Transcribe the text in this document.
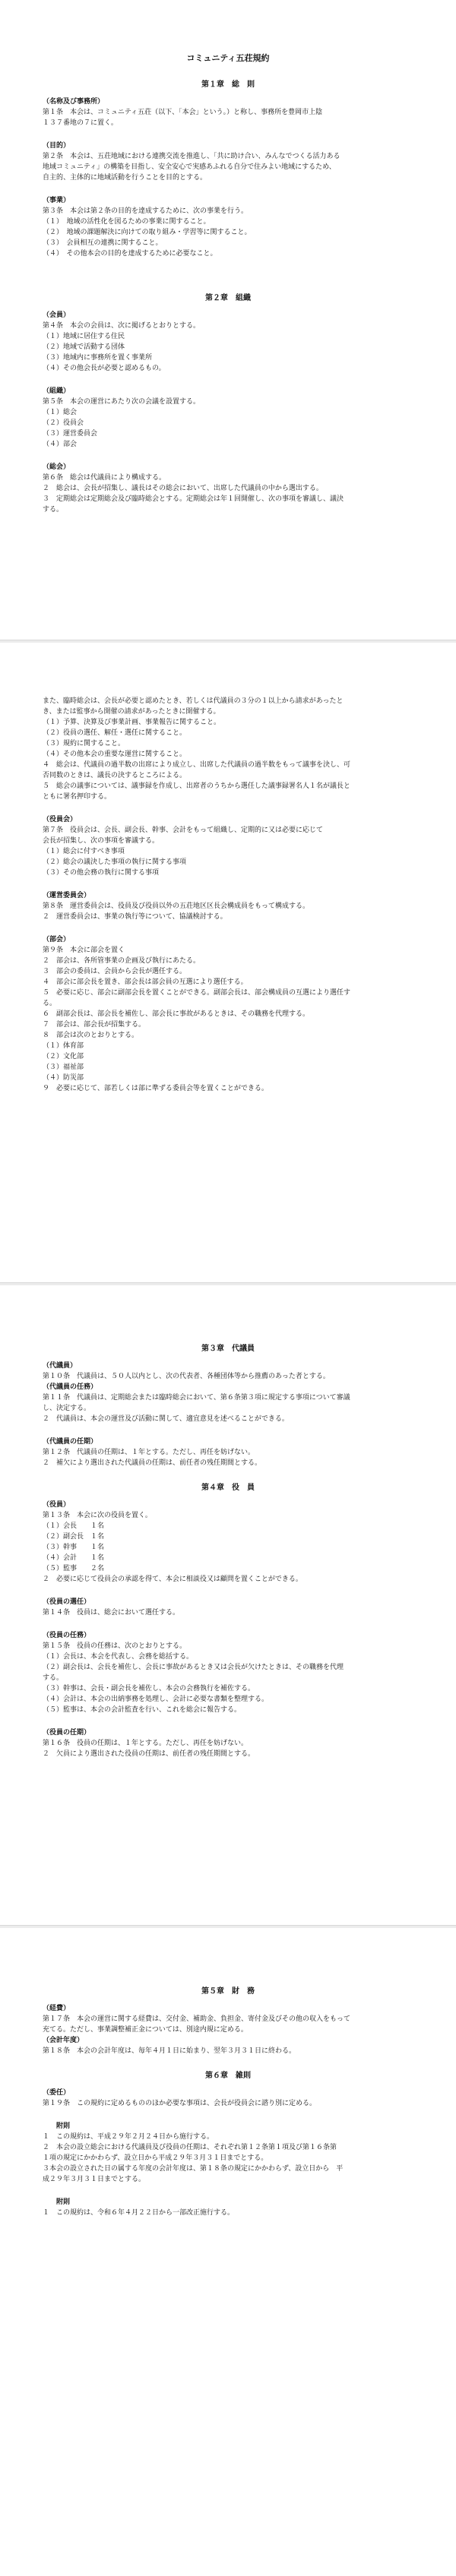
コミュニティ五荘規約

第１章　総　則

（名称及び事務所）

第１条　本会は、コミュニティ五荘（以下、「本会」という。）と称し、事務所を豊岡市上陰

１３７番地の７に置く。

（目的）

第２条　本会は、五荘地域における連携交流を推進し、「共に助け合い、みんなでつくる活力ある

地域コミュニティ」の構築を目指し、安全安心で実感あふれる自分で住みよい地域にするため、

自主的、主体的に地域活動を行うことを目的とする。

（事業）

第３条　本会は第２条の目的を達成するために、次の事業を行う。

（１）　地域の活性化を図るための事業に関すること。

（２）　地域の課題解決に向けての取り組み・学習等に関すること。

（３）　会員相互の連携に関すること。

（４）　その他本会の目的を達成するために必要なこと。

第２章　組織

（会員）

第４条　本会の会員は、次に掲げるとおりとする。

（１）地域に居住する住民

（２）地域で活動する団体

（３）地域内に事務所を置く事業所

（４）その他会長が必要と認めるもの。

（組織）

第５条　本会の運営にあたり次の会議を設置する。

（１）総会

（２）役員会

（３）運営委員会

（４）部会

（総会）

第６条　総会は代議員により構成する。

２　総会は、会長が招集し、議長はその総会において、出席した代議員の中から選出する。

３　定期総会は定期総会及び臨時総会とする。定期総会は年１回開催し、次の事項を審議し、議決

する。

また、臨時総会は、会長が必要と認めたとき、若しくは代議員の３分の１以上から請求があったと

き、または監事から開催の請求があったときに開催する。

（１）予算、決算及び事業計画、事業報告に関すること。

（２）役員の選任、解任・選任に関すること。

（３）規約に関すること。

（４）その他本会の重要な運営に関すること。

４　総会は、代議員の過半数の出席により成立し、出席した代議員の過半数をもって議事を決し、可

否同数のときは、議長の決するところによる。

５　総会の議事については、議事録を作成し、出席者のうちから選任した議事録署名人１名が議長と

ともに署名押印する。

（役員会）

第７条　役員会は、会長、副会長、幹事、会計をもって組織し、定期的に又は必要に応じて

会長が招集し、次の事項を審議する。

（１）総会に付すべき事項

（２）総会の議決した事項の執行に関する事項

（３）その他会務の執行に関する事項

（運営委員会）

第８条　運営委員会は、役員及び役員以外の五荘地区区長会構成員をもって構成する。

２　運営委員会は、事業の執行等について、協議検討する。

（部会）

第９条　本会に部会を置く

２　部会は、各所管事業の企画及び執行にあたる。

３　部会の委員は、会員から会長が選任する。

４　部会に部会長を置き、部会長は部会員の互選により選任する。

５　必要に応じ、部会に副部会長を置くことができる。副部会長は、部会構成員の互選により選任す

る。

６　副部会長は、部会長を補佐し、部会長に事故があるときは、その職務を代理する。

７　部会は、部会長が招集する。

８　部会は次のとおりとする。

（１）体育部

（２）文化部

（３）福祉部

（４）防災部

９　必要に応じて、部若しくは部に準ずる委員会等を置くことができる。

第３章　代議員

（代議員）

第１０条　代議員は、５０人以内とし、次の代表者、各種団体等から推薦のあった者とする。

（代議員の任務）

第１１条　代議員は、定期総会または臨時総会において、第６条第３項に規定する事項について審議

し、決定する。

２　代議員は、本会の運営及び活動に関して、適宜意見を述べることができる。

（代議員の任期）

第１２条　代議員の任期は、１年とする。ただし、再任を妨げない。

２　補欠により選出された代議員の任期は、前任者の残任期間とする。

第４章　役　員

（役員）

第１３条　本会に次の役員を置く。

（１）会長　　１名

（２）副会長　１名

（３）幹事　　１名

（４）会計　　１名

（５）監事　　２名

２　必要に応じて役員会の承認を得て、本会に相談役又は顧問を置くことができる。

（役員の選任）

第１４条　役員は、総会において選任する。

（役員の任務）

第１５条　役員の任務は、次のとおりとする。

（１）会長は、本会を代表し、会務を総括する。

（２）副会長は、会長を補佐し、会長に事故があるとき又は会長が欠けたときは、その職務を代理

する。

（３）幹事は、会長・副会長を補佐し、本会の会務執行を補佐する。

（４）会計は、本会の出納事務を処理し、会計に必要な書類を整理する。

（５）監事は、本会の会計監査を行い、これを総会に報告する。

（役員の任期）

第１６条　役員の任期は、１年とする。ただし、再任を妨げない。

２　欠員により選出された役員の任期は、前任者の残任期間とする。

第５章　財　務

（経費）

第１７条　本会の運営に関する経費は、交付金、補助金、負担金、寄付金及びその他の収入をもって

充てる。ただし、事業調整補正金については、別途内規に定める。

（会計年度）

第１８条　本会の会計年度は、毎年４月１日に始まり、翌年３月３１日に終わる。

第６章　雑則

（委任）

第１９条　この規約に定めるもののほか必要な事項は、会長が役員会に諮り別に定める。

附則

１　この規約は、平成２９年２月２４日から施行する。

２　本会の設立総会における代議員及び役員の任期は、それぞれ第１２条第１項及び第１６条第

１項の規定にかかわらず、設立日から平成２９年３月３１日までとする。

３本会の設立された日の属する年度の会計年度は、第１８条の規定にかかわらず、設立日から　平

成２９年３月３１日までとする。

附則

１　この規約は、令和６年４月２２日から一部改正施行する。
